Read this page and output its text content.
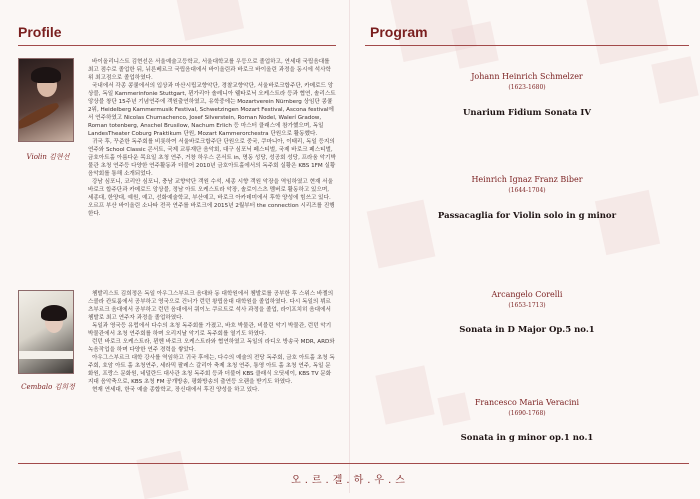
Profile
Violin 김현선

바이올리니스트 김현선은 서울예술고등학교, 서울대학교를 우등으로 졸업하고, 연세대 국립음대를 최고 점수로 졸업한 뒤, 뉘른베르크 국립음대에서 바이올린과 바로크 바이올린 과정을 동시에 석사학위 최고점으로 졸업하였다.

국내에서 각종 콩쿨에서의 입상과 마산시립교향악단, 경찰교향악단, 서울바로크합주단, 카메로드 앙상블, 독일 Kammerinfonie Stuttgart, 뮌가리아 솔레니아 웰타로닉 오케스트라 등과 협연, 솔리스트 앙상블 창단 15주년 기념연주에 객원출연하였고, 유학중에는 Mozartverein Nürnberg 상임단 콩쿨 2위, Heidelberg Kammermusik Festival, Schwetzingen Mozart Festival, Ascona festival에서 연주하였고 Nicolas Chumachenco, Josef Silverstein, Roman Nodel, Walerí Gradow, Roman totenberg, Anschel Brusilow, Nachum Erlich 등 마스터 클래스에 참가했으며, 독일 LandesTheater Coburg Praktikum 단원, Mozart Kammerorchestra 단원으로 활동했다.

귀국 후, 꾸준한 독주회를 비롯하여 서울바로크합주단 단원으로 중국, 쿠마니아, 이태리, 독일 등지의 연주와 School Classic 콘서트, 국제 교류재단 음악회, 대구 심포닉 페스티벌, 국제 바로크 페스티벌, 금호아트홀 아름다운 목요일 초청 연주, 거창 하우스 콘서트 in, 명동 성당, 성공회 성당, 프라움 악기박물관 초청 연주등 다양한 연주활동과 더불어 2010년 금호아트홀에서의 독주회 실황은 KBS 1FM 실황음악회를 통해 소개되었다.

강남 심포니, 코리안 심포니, 충남 교향악단 객원 수석, 세종 시향 객원 악장을 역임하였고 현재 서울 바로크 합주단과 카메로드 앙상블, 정남 아트 오케스트라 악장, 솔로이스츠 멤버로 활동하고 있으며, 세종대, 한양대, 예원, 예고, 선화예술학교, 부산예고, 바로크 아카데미에서 후학 양성에 힘쓰고 있다. 오르프 부산 바이올린 소나타 전곡 연주를 바로크에 2015년 2월부터 the connection 시리즈를 진행한다.

Cembalo 김희정

쳄발리스트 김희정은 독일 아우그스부르크 음대와 동 대학원에서 쳄발로를 공부한 후 스위스 바젤의 스콜라 칸토룸에서 공부하고 영국으로 건너가 런던 왕립음대 대학원을 졸업하였다. 다시 독일의 뷔르츠부르크 음대에서 공부하고 런던 음대에서 쿼이노 쿠르트로 석사 과정을 졸업, 라이프치히 음대에서 쳄발로 최고 연주자 과정을 졸업하였다.

독일과 영국등 유럽에서 다수의 초청 독주회를 가졌고, 바흐 박물관, 비블린 악기 박물관, 런던 악기 박물관에서 초청 연주회를 하며 오리지날 악기로 독주회를 열기도 하였다.

런던 바로크 오케스트라, 뮌헨 바로크 오케스트라와 협연하였고 독일의 라디오 방송국 MDR, ARD와 녹음작업을 하며 다양한 연주 경력을 쌓았다.

아우그스부르크 대학 강사를 역임하고 귀국 후에는, 다수의 예술의 전당 독주회, 금호 아트홀 초청 독주회, 호암 아트 홀 초청연주, 세라믹 팔레스 갈리아 축제 초청 연주, 통영 아트 홀 초청 연주, 독일 문화원, 프랑스 문화원, 네덜란드 대사관 초청 독주회 등과 더불어 KBS 클래식 오딧세이, KBS TV 문화 지대 음악축으로, KBS 초청 FM 공개방송, 평화방송의 출연등 오랜을 받기도 하였다.

현재 연세대, 한국 예술 종합학교, 장신대에서 후진 양성을 하고 있다.

Program
Johann Heinrich Schmelzer
(1623-1680)
Unarium Fidium Sonata IV
Heinrich Ignaz Franz Biber
(1644-1704)
Passacaglia for Violin solo in g minor
Arcangelo Corelli
(1653-1713)
Sonata in D Major Op.5 no.1
Francesco Maria Veracini
(1690-1768)
Sonata in g minor op.1 no.1
오.르.겔.하.우.스
